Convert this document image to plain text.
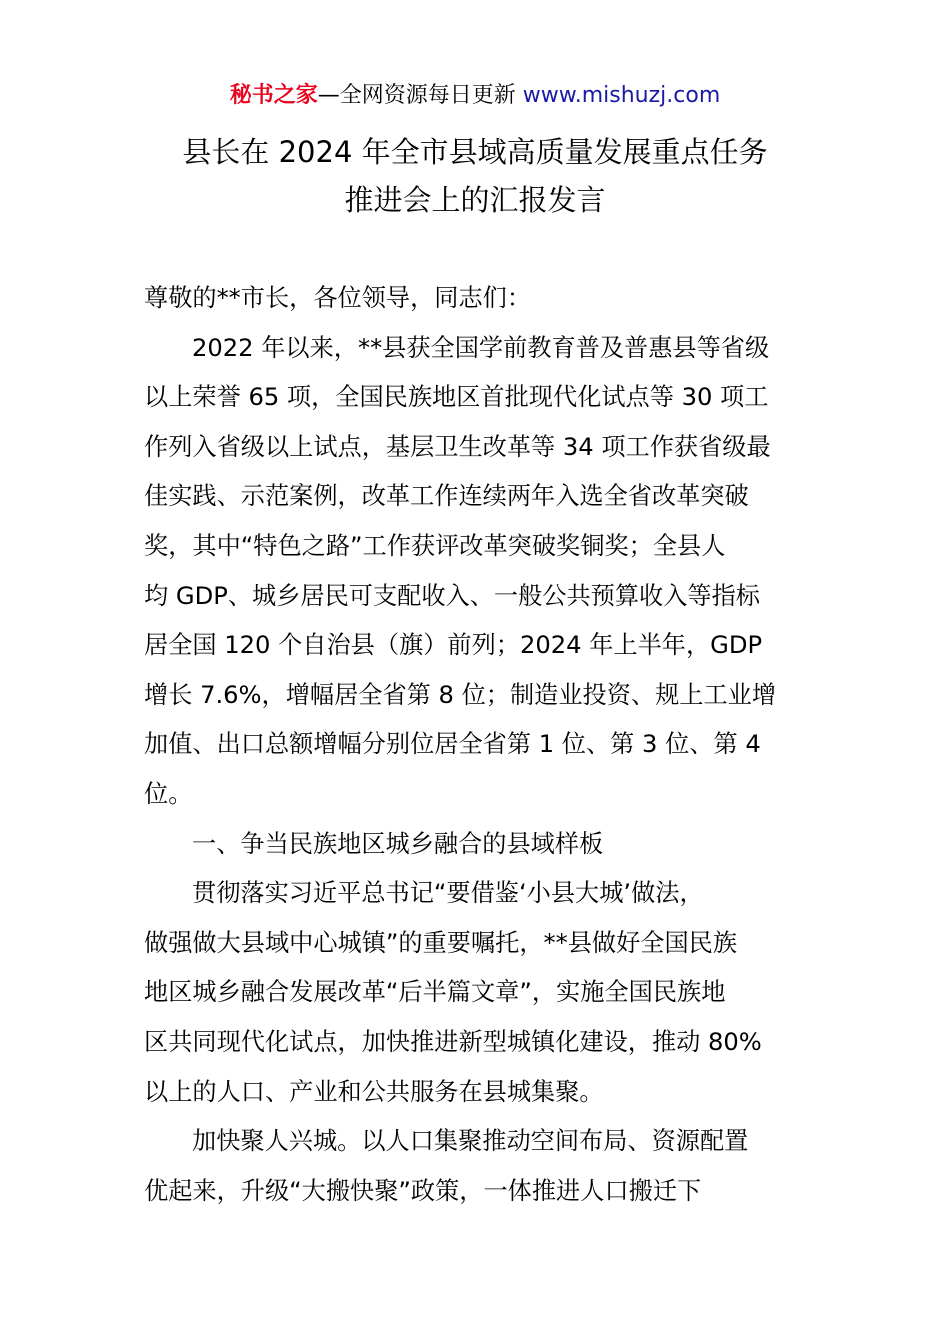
秘书之家—全网资源每日更新 www.mishuzj.com
县长在 2024 年全市县域高质量发展重点任务
推进会上的汇报发言
尊敬的**市长，各位领导，同志们：
2022 年以来，**县获全国学前教育普及普惠县等省级
以上荣誉 65 项，全国民族地区首批现代化试点等 30 项工
作列入省级以上试点，基层卫生改革等 34 项工作获省级最
佳实践、示范案例，改革工作连续两年入选全省改革突破
奖，其中“特色之路”工作获评改革突破奖铜奖；全县人
均 GDP、城乡居民可支配收入、一般公共预算收入等指标
居全国 120 个自治县（旗）前列；2024 年上半年，GDP
增长 7.6%，增幅居全省第 8 位；制造业投资、规上工业增
加值、出口总额增幅分别位居全省第 1 位、第 3 位、第 4
位。
一、争当民族地区城乡融合的县域样板
贯彻落实习近平总书记“要借鉴‘小县大城’做法，
做强做大县域中心城镇”的重要嘱托，**县做好全国民族
地区城乡融合发展改革“后半篇文章”，实施全国民族地
区共同现代化试点，加快推进新型城镇化建设，推动 80%
以上的人口、产业和公共服务在县城集聚。
加快聚人兴城。以人口集聚推动空间布局、资源配置
优起来，升级“大搬快聚”政策，一体推进人口搬迁下
